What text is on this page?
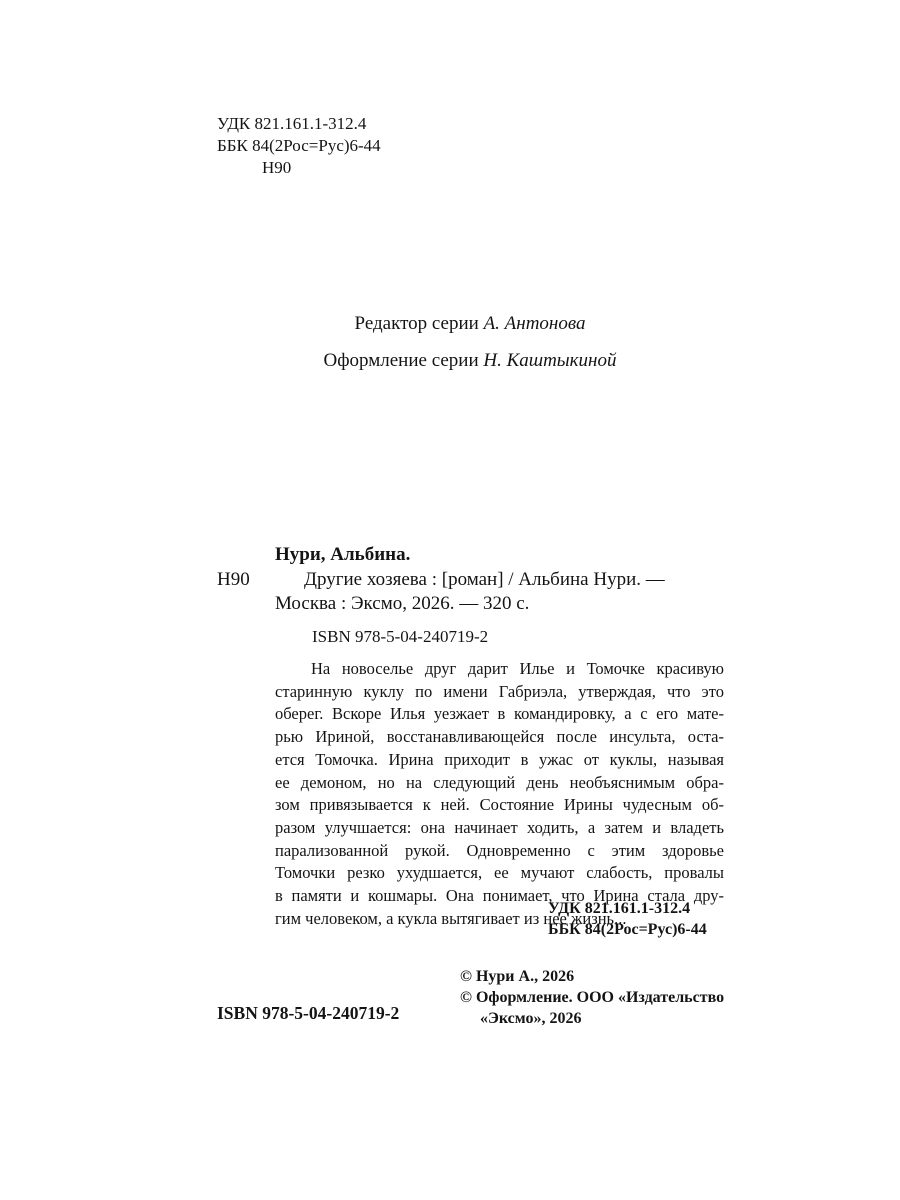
УДК 821.161.1-312.4
ББК 84(2Рос=Рус)6-44
Н90
Редактор серии А. Антонова
Оформление серии Н. Каштыкиной
Нури, Альбина.
Н90	Другие хозяева : [роман] / Альбина Нури. —
Москва : Эксмо, 2026. — 320 с.
ISBN 978-5-04-240719-2
На новоселье друг дарит Илье и Томочке красивую
старинную куклу по имени Габриэла, утверждая, что это
оберег. Вскоре Илья уезжает в командировку, а с его мате-
рью Ириной, восстанавливающейся после инсульта, оста-
ется Томочка. Ирина приходит в ужас от куклы, называя
ее демоном, но на следующий день необъяснимым обра-
зом привязывается к ней. Состояние Ирины чудесным об-
разом улучшается: она начинает ходить, а затем и владеть
парализованной рукой. Одновременно с этим здоровье
Томочки резко ухудшается, ее мучают слабость, провалы
в памяти и кошмары. Она понимает, что Ирина стала дру-
гим человеком, а кукла вытягивает из нее жизнь...
УДК 821.161.1-312.4
ББК 84(2Рос=Рус)6-44
© Нури А., 2026
© Оформление. ООО «Издательство
«Эксмо», 2026
ISBN 978-5-04-240719-2
